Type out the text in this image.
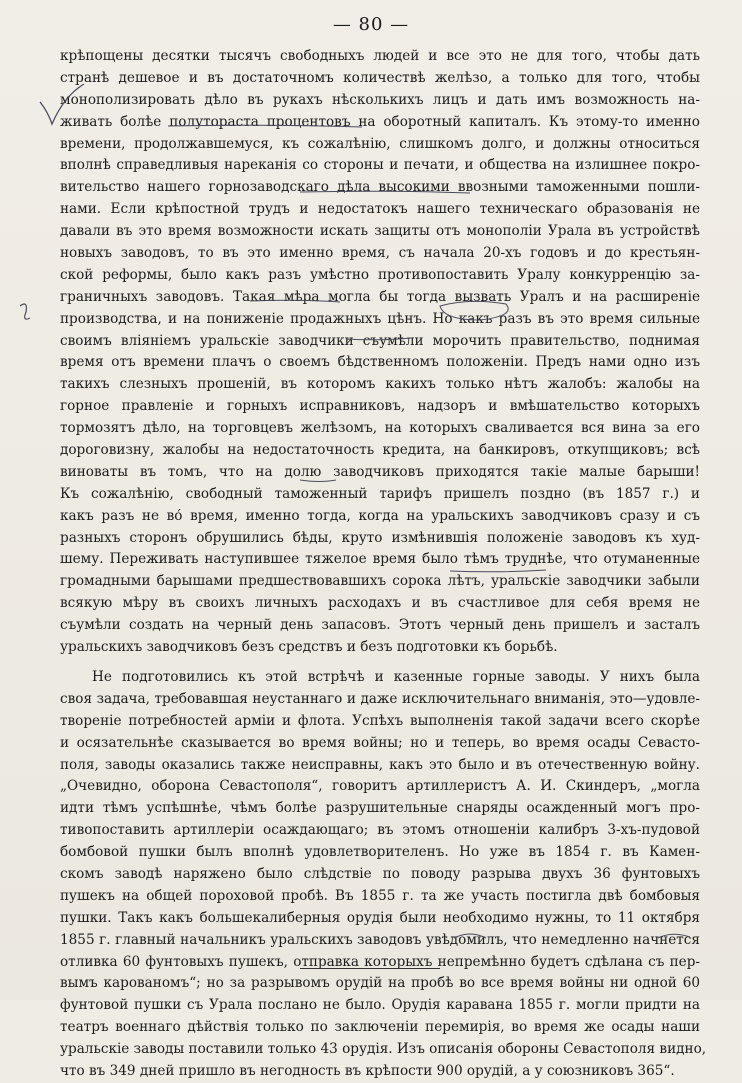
— 80 —
крѣпощены десятки тысячъ свободныхъ людей и все это не для того, чтобы дать
странѣ дешевое и въ достаточномъ количествѣ желѣзо, а только для того, чтобы
монополизировать дѣло въ рукахъ нѣсколькихъ лицъ и дать имъ возможность на-
живать болѣе полутораста процентовъ на оборотный капиталъ. Къ этому-то именно
времени, продолжавшемуся, къ сожалѣнію, слишкомъ долго, и должны относиться
вполнѣ справедливыя нареканія со стороны и печати, и общества на излишнее покро-
вительство нашего горнозаводскаго дѣла высокими ввозными таможенными пошли-
нами. Если крѣпостной трудъ и недостатокъ нашего техническаго образованія не
давали въ это время возможности искать защиты отъ монополіи Урала въ устройствѣ
новыхъ заводовъ, то въ это именно время, съ начала 20-хъ годовъ и до крестьян-
ской реформы, было какъ разъ умѣстно противопоставить Уралу конкурренцію за-
граничныхъ заводовъ. Такая мѣра могла бы тогда вызвать Уралъ и на расширеніе
производства, и на пониженіе продажныхъ цѣнъ. Но какъ разъ въ это время сильные
своимъ вліяніемъ уральскіе заводчики съумѣли морочить правительство, поднимая
время отъ времени плачъ о своемъ бѣдственномъ положеніи. Предъ нами одно изъ
такихъ слезныхъ прошеній, въ которомъ какихъ только нѣтъ жалобъ: жалобы на
горное правленіе и горныхъ исправниковъ, надзоръ и вмѣшательство которыхъ
тормозятъ дѣло, на торговцевъ желѣзомъ, на которыхъ сваливается вся вина за его
дороговизну, жалобы на недостаточность кредита, на банкировъ, откупщиковъ; всѣ
виноваты въ томъ, что на долю заводчиковъ приходятся такіе малые барыши!
Къ сожалѣнію, свободный таможенный тарифъ пришелъ поздно (въ 1857 г.) и
какъ разъ не во́ время, именно тогда, когда на уральскихъ заводчиковъ сразу и съ
разныхъ сторонъ обрушились бѣды, круто измѣнившія положеніе заводовъ къ худ-
шему. Переживать наступившее тяжелое время было тѣмъ труднѣе, что отуманенные
громадными барышами предшествовавшихъ сорока лѣтъ, уральскіе заводчики забыли
всякую мѣру въ своихъ личныхъ расходахъ и въ счастливое для себя время не
съумѣли создать на черный день запасовъ. Этотъ черный день пришелъ и засталъ
уральскихъ заводчиковъ безъ средствъ и безъ подготовки къ борьбѣ.
Не подготовились къ этой встрѣчѣ и казенные горные заводы. У нихъ была
своя задача, требовавшая неустаннаго и даже исключительнаго вниманія, это—удовле-
твореніе потребностей арміи и флота. Успѣхъ выполненія такой задачи всего скорѣе
и осязательнѣе сказывается во время войны; но и теперь, во время осады Севасто-
поля, заводы оказались также неисправны, какъ это было и въ отечественную войну.
„Очевидно, оборона Севастополя“, говоритъ артиллеристъ А. И. Скиндеръ, „могла
идти тѣмъ успѣшнѣе, чѣмъ болѣе разрушительные снаряды осажденный могъ про-
тивопоставить артиллеріи осаждающаго; въ этомъ отношеніи калибръ 3-хъ-пудовой
бомбовой пушки былъ вполнѣ удовлетворителенъ. Но уже въ 1854 г. въ Камен-
скомъ заводѣ наряжено было слѣдствіе по поводу разрыва двухъ 36 фунтовыхъ
пушекъ на общей пороховой пробѣ. Въ 1855 г. та же участь постигла двѣ бомбовыя
пушки. Такъ какъ большекалиберныя орудія были необходимо нужны, то 11 октября
1855 г. главный начальникъ уральскихъ заводовъ увѣдомилъ, что немедленно начнется
отливка 60 фунтовыхъ пушекъ, отправка которыхъ непремѣнно будетъ сдѣлана съ пер-
вымъ карованомъ“; но за разрывомъ орудій на пробѣ во все время войны ни одной 60
фунтовой пушки съ Урала послано не было. Орудія каравана 1855 г. могли придти на
театръ военнаго дѣйствія только по заключеніи перемирія, во время же осады наши
уральскіе заводы поставили только 43 орудія. Изъ описанія обороны Севастополя видно,
что въ 349 дней пришло въ негодность въ крѣпости 900 орудій, а у союзниковъ 365“.
